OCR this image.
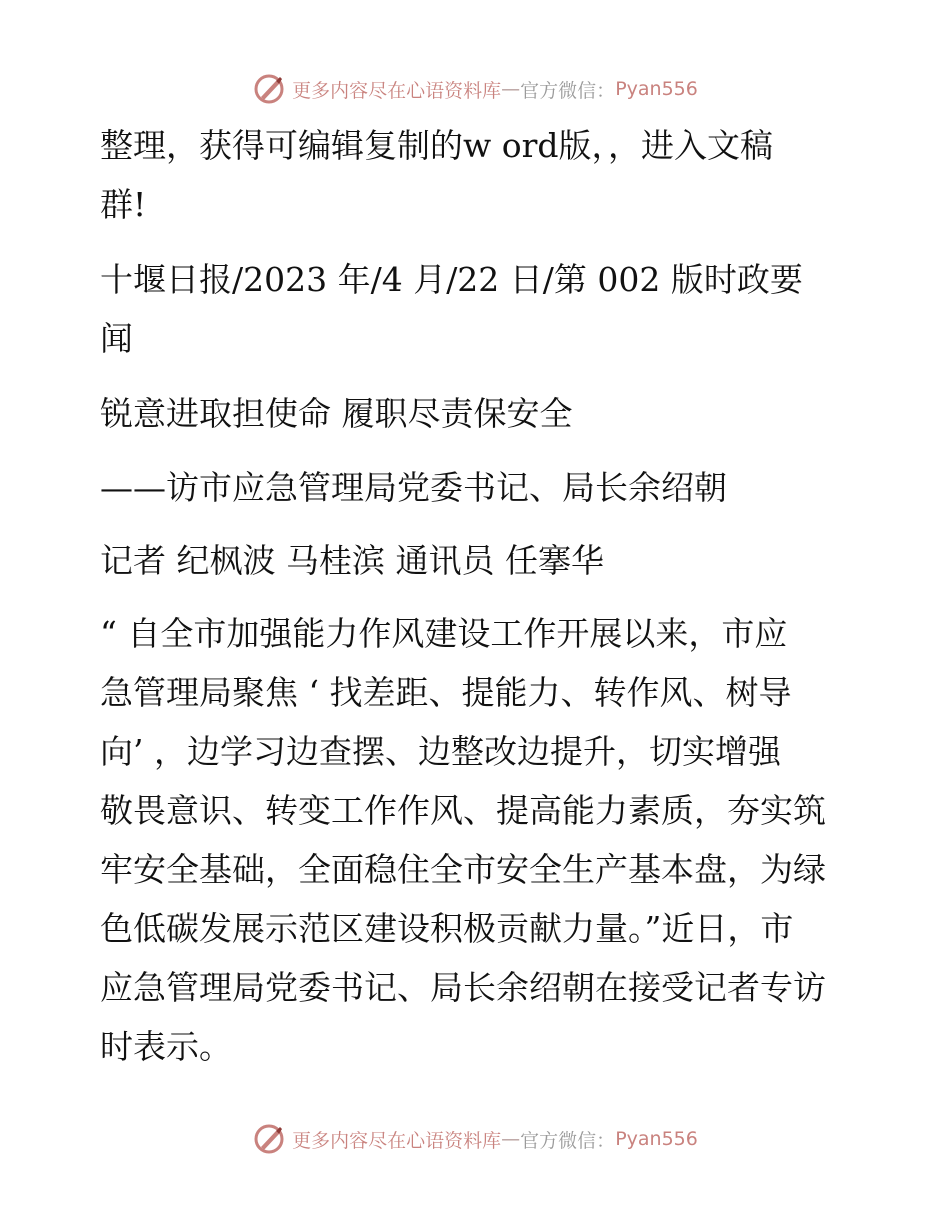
更多内容尽在心语资料库 — 官方微信： Pyan556

整理，获得可编辑复制的w ord版，，进入文稿

群!

十堰日报/2023 年/4 月/22 日/第 002 版时政要

闻

锐意进取担使命 履职尽责保安全

——访市应急管理局党委书记、局长余绍朝

记者 纪枫波 马桂滨 通讯员 任搴华

“ 自全市加强能力作风建设工作开展以来，市应

急管理局聚焦 ‘ 找差距、提能力、转作风、树导

向’ ，边学习边查摆、边整改边提升，切实增强

敬畏意识、转变工作作风、提高能力素质，夯实筑

牢安全基础，全面稳住全市安全生产基本盘，为绿

色低碳发展示范区建设积极贡献力量。”近日，市

应急管理局党委书记、局长余绍朝在接受记者专访

时表示。

更多内容尽在心语资料库 — 官方微信： Pyan556
